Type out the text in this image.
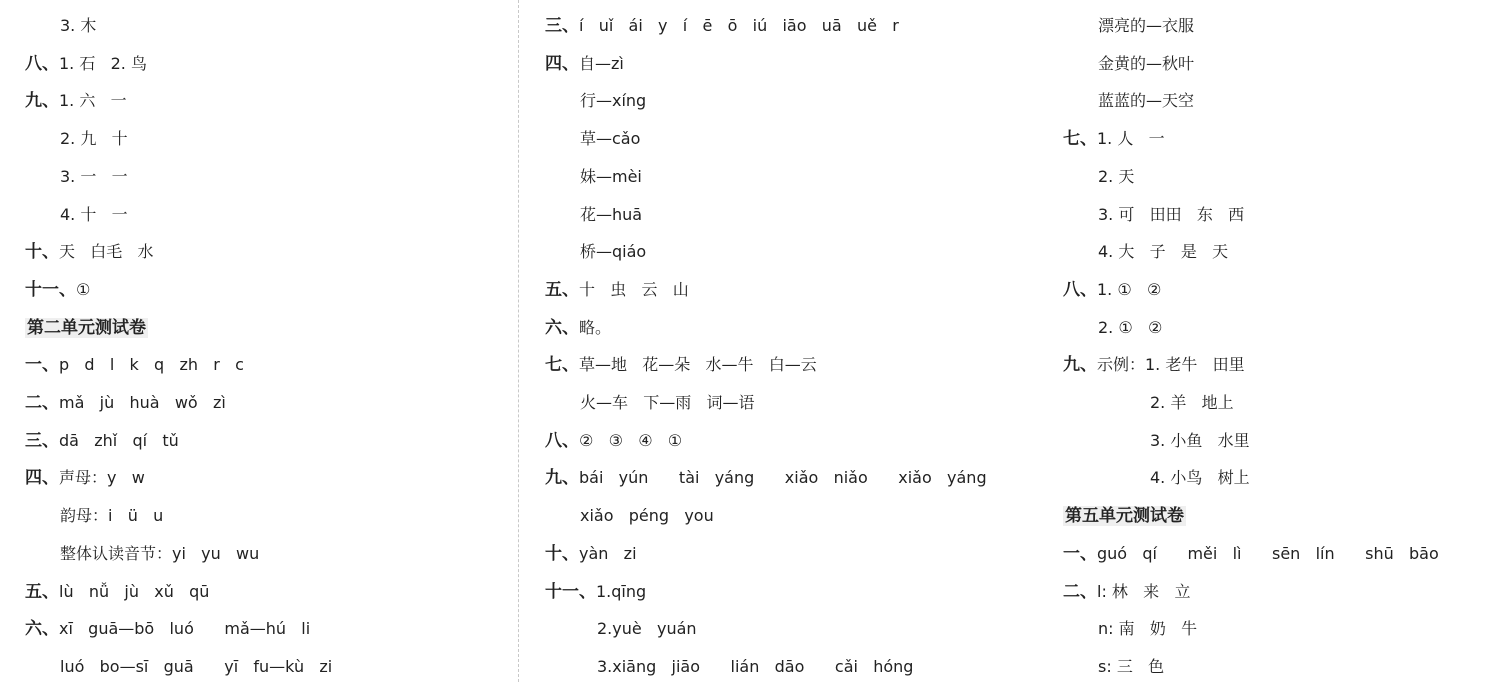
3. 木
八、1. 石   2. 鸟
九、1. 六   一
2. 九   十
3. 一   一
4. 十   一
十、天   白毛   水
十一、①
第二单元测试卷
一、p   d   l   k   q   zh   r   c
二、mǎ   jù   huà   wǒ   zì
三、dā   zhǐ   qí   tǔ
四、声母：y   w
韵母：i   ü   u
整体认读音节：yi   yu   wu
五、lù   nǚ   jù   xǔ   qū
六、xī   guā—bō   luó      mǎ—hú   li
luó   bo—sī   guā      yī   fu—kù   zi
三、í   uǐ   ái   y   í   ē   ō   iú   iāo   uā   uě   r
四、自—zì
行—xíng
草—cǎo
妹—mèi
花—huā
桥—qiáo
五、十   虫   云   山
六、略。
七、草—地   花—朵   水—牛   白—云
火—车   下—雨   词—语
八、②   ③   ④   ①
九、bái   yún      tài   yáng      xiǎo   niǎo      xiǎo   yáng
xiǎo   péng   you
十、yàn   zi
十一、1.qīng
2.yuè   yuán
3.xiāng   jiāo      lián   dāo      cǎi   hóng
漂亮的—衣服
金黄的—秋叶
蓝蓝的—天空
七、1. 人   一
2. 天
3. 可   田田   东   西
4. 大   子   是   天
八、1. ①   ②
2. ①   ②
九、示例：1. 老牛   田里
2. 羊   地上
3. 小鱼   水里
4. 小鸟   树上
第五单元测试卷
一、guó   qí      měi   lì      sēn   lín      shū   bāo
二、l: 林   来   立
n: 南   奶   牛
s: 三   色
